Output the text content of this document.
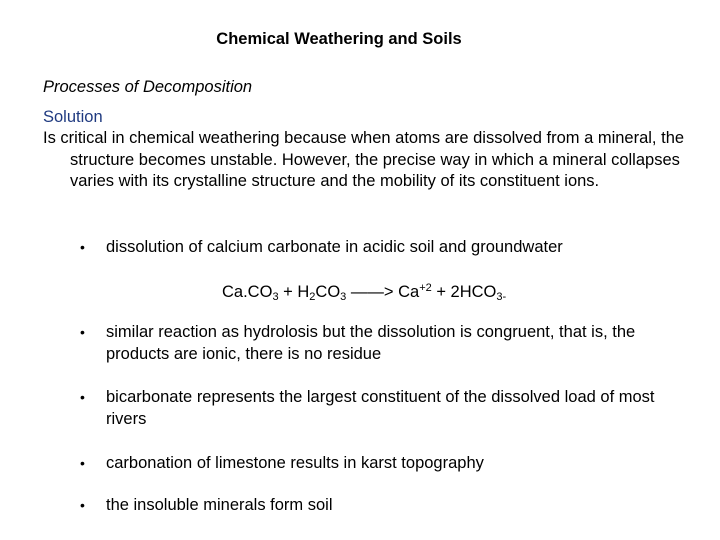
Chemical Weathering and Soils
Processes of Decomposition
Solution
Is critical in chemical weathering because when atoms are dissolved from a mineral, the structure becomes unstable. However, the precise way in which a mineral collapses varies with its crystalline structure and the mobility of its constituent ions.
•	dissolution of calcium carbonate in acidic soil and groundwater
$Ca.CO_3 + H_2CO_3$ ——> $Ca^{+2} + 2HCO_{3-}$
•	similar reaction as hydrolosis but the dissolution is congruent, that is, the products are ionic, there is no residue
•	bicarbonate represents the largest constituent of the dissolved load of most rivers
•	carbonation of limestone results in karst topography
•	the insoluble minerals form soil
